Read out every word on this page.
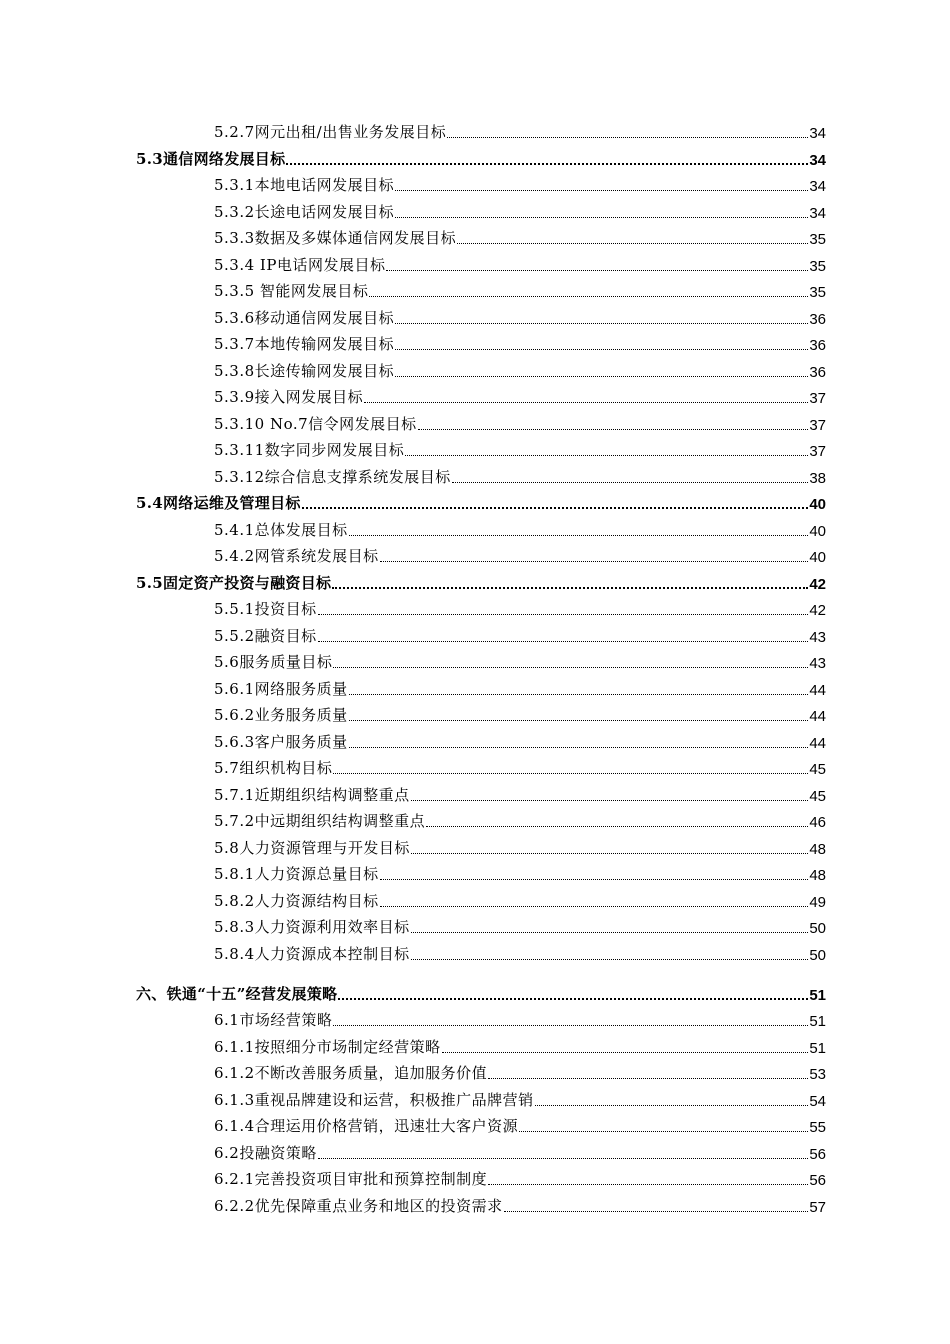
5.2.7网元出租/出售业务发展目标	34
5.3通信网络发展目标	34
5.3.1本地电话网发展目标	34
5.3.2长途电话网发展目标	34
5.3.3数据及多媒体通信网发展目标	35
5.3.4 IP电话网发展目标	35
5.3.5 智能网发展目标	35
5.3.6移动通信网发展目标	36
5.3.7本地传输网发展目标	36
5.3.8长途传输网发展目标	36
5.3.9接入网发展目标	37
5.3.10 No.7信令网发展目标	37
5.3.11数字同步网发展目标	37
5.3.12综合信息支撑系统发展目标	38
5.4网络运维及管理目标	40
5.4.1总体发展目标	40
5.4.2网管系统发展目标	40
5.5固定资产投资与融资目标	42
5.5.1投资目标	42
5.5.2融资目标	43
5.6服务质量目标	43
5.6.1网络服务质量	44
5.6.2业务服务质量	44
5.6.3客户服务质量	44
5.7组织机构目标	45
5.7.1近期组织结构调整重点	45
5.7.2中远期组织结构调整重点	46
5.8人力资源管理与开发目标	48
5.8.1人力资源总量目标	48
5.8.2人力资源结构目标	49
5.8.3人力资源利用效率目标	50
5.8.4人力资源成本控制目标	50
六、铁通“十五”经营发展策略	51
6.1市场经营策略	51
6.1.1按照细分市场制定经营策略	51
6.1.2不断改善服务质量，追加服务价值	53
6.1.3重视品牌建设和运营，积极推广品牌营销	54
6.1.4合理运用价格营销，迅速壮大客户资源	55
6.2投融资策略	56
6.2.1完善投资项目审批和预算控制制度	56
6.2.2优先保障重点业务和地区的投资需求	57
